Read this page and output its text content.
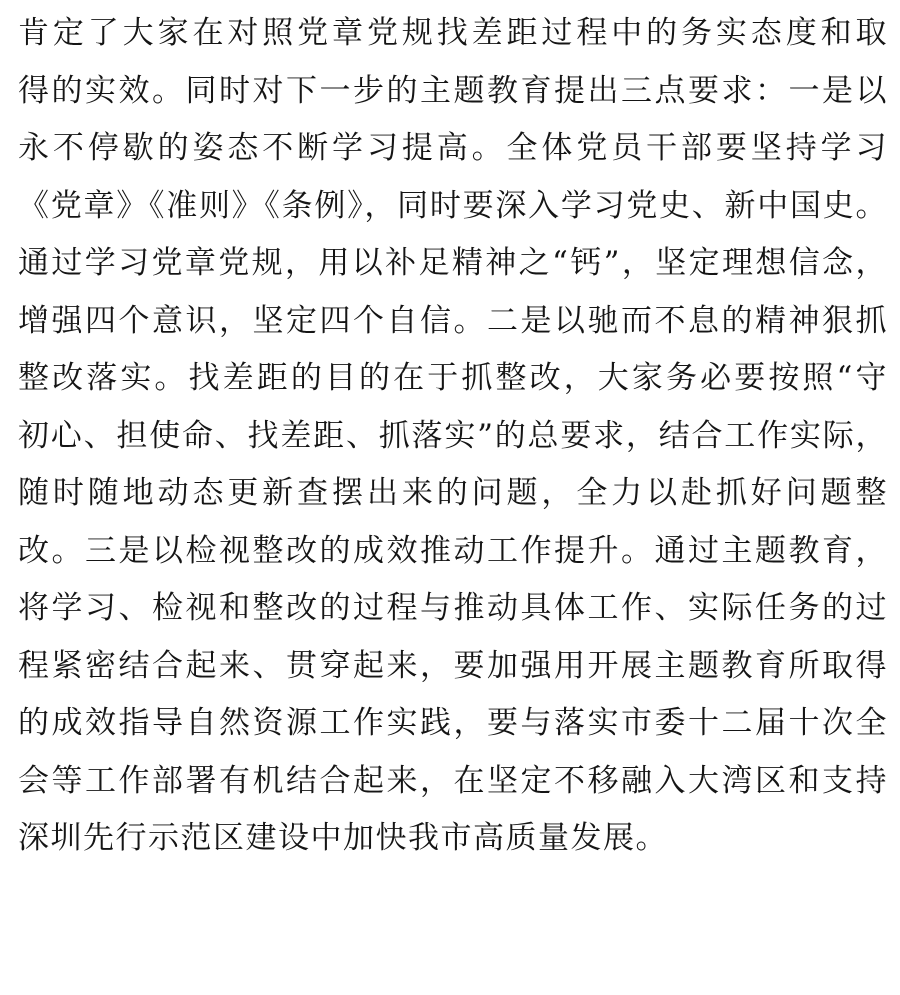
肯定了大家在对照党章党规找差距过程中的务实态度和取
得的实效。同时对下一步的主题教育提出三点要求：一是以
永不停歇的姿态不断学习提高。全体党员干部要坚持学习
《党章》《准则》《条例》，同时要深入学习党史、新中国史。
通过学习党章党规，用以补足精神之“钙”，坚定理想信念，
增强四个意识，坚定四个自信。二是以驰而不息的精神狠抓
整改落实。找差距的目的在于抓整改，大家务必要按照“守
初心、担使命、找差距、抓落实”的总要求，结合工作实际，
随时随地动态更新查摆出来的问题，全力以赴抓好问题整
改。三是以检视整改的成效推动工作提升。通过主题教育，
将学习、检视和整改的过程与推动具体工作、实际任务的过
程紧密结合起来、贯穿起来，要加强用开展主题教育所取得
的成效指导自然资源工作实践，要与落实市委十二届十次全
会等工作部署有机结合起来，在坚定不移融入大湾区和支持
深圳先行示范区建设中加快我市高质量发展。
